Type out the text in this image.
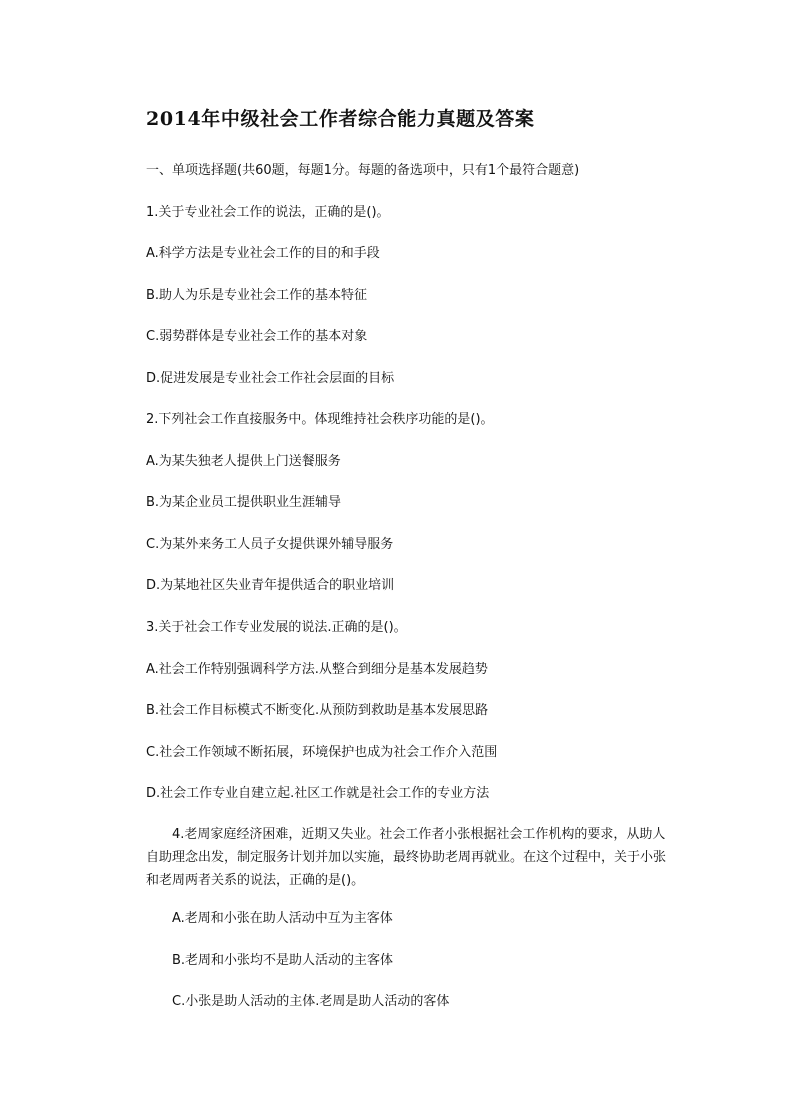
2014年中级社会工作者综合能力真题及答案
一、单项选择题(共60题，每题1分。每题的备选项中，只有1个最符合题意)
1.关于专业社会工作的说法，正确的是()。
A.科学方法是专业社会工作的目的和手段
B.助人为乐是专业社会工作的基本特征
C.弱势群体是专业社会工作的基本对象
D.促进发展是专业社会工作社会层面的目标
2.下列社会工作直接服务中。体现维持社会秩序功能的是()。
A.为某失独老人提供上门送餐服务
B.为某企业员工提供职业生涯辅导
C.为某外来务工人员子女提供课外辅导服务
D.为某地社区失业青年提供适合的职业培训
3.关于社会工作专业发展的说法.正确的是()。
A.社会工作特别强调科学方法.从整合到细分是基本发展趋势
B.社会工作目标模式不断变化.从预防到救助是基本发展思路
C.社会工作领域不断拓展，环境保护也成为社会工作介入范围
D.社会工作专业自建立起.社区工作就是社会工作的专业方法
4.老周家庭经济困难，近期又失业。社会工作者小张根据社会工作机构的要求，从助人自助理念出发，制定服务计划并加以实施，最终协助老周再就业。在这个过程中，关于小张和老周两者关系的说法，正确的是()。
A.老周和小张在助人活动中互为主客体
B.老周和小张均不是助人活动的主客体
C.小张是助人活动的主体.老周是助人活动的客体
